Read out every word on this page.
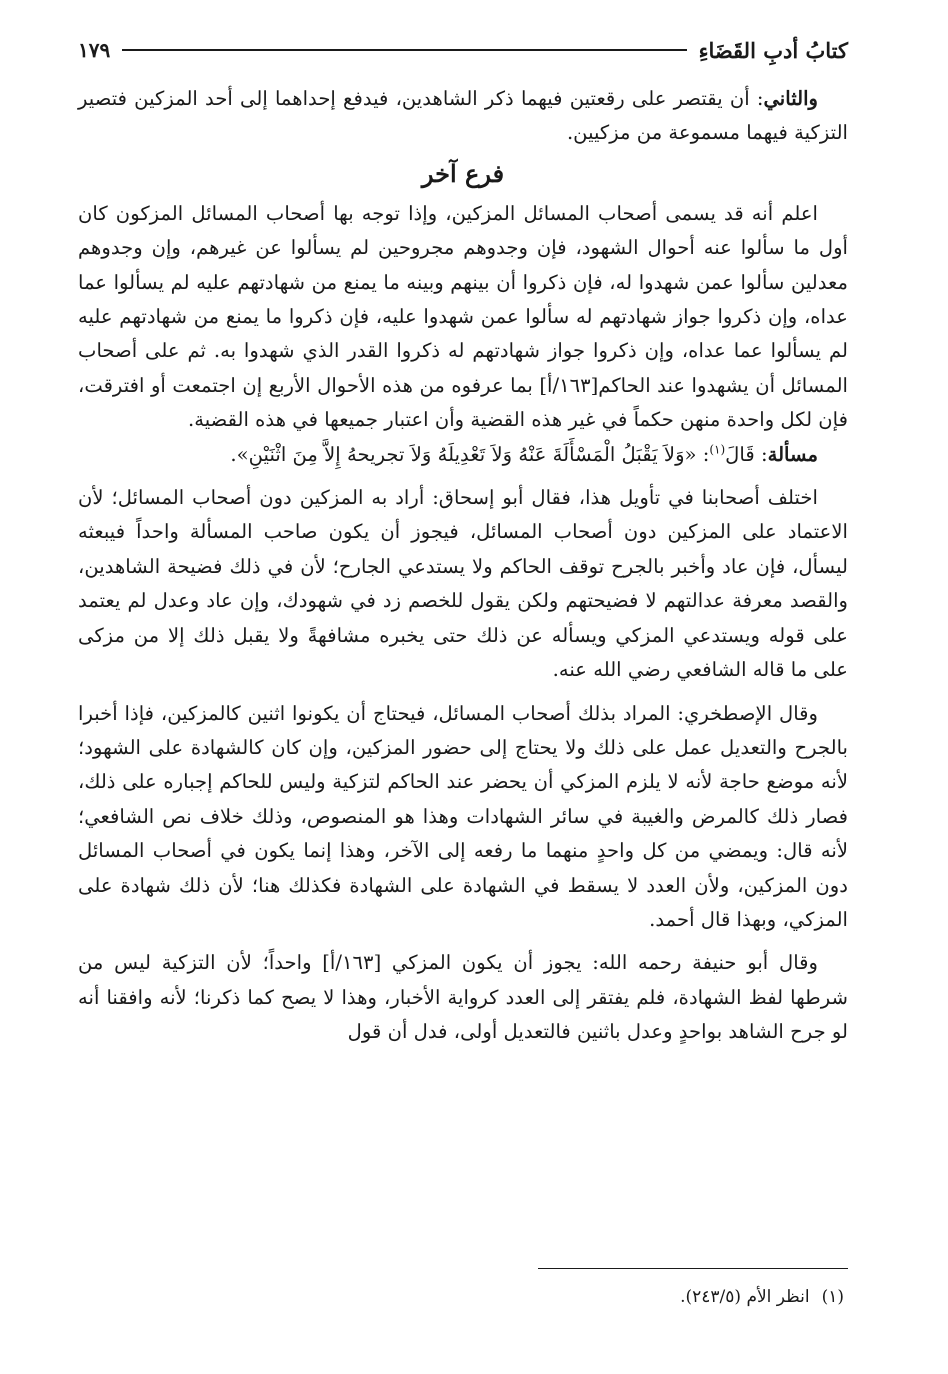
كتابُ أدبِ القَضَاءِ
١٧٩

والثاني: أن يقتصر على رقعتين فيهما ذكر الشاهدين، فيدفع إحداهما إلى أحد المزكين فتصير التزكية فيهما مسموعة من مزكيين.

فرع آخر

اعلم أنه قد يسمى أصحاب المسائل المزكين، وإذا توجه بها أصحاب المسائل المزكون كان أول ما سألوا عنه أحوال الشهود، فإن وجدوهم مجروحين لم يسألوا عن غيرهم، وإن وجدوهم معدلين سألوا عمن شهدوا له، فإن ذكروا أن بينهم وبينه ما يمنع من شهادتهم عليه لم يسألوا عما عداه، وإن ذكروا جواز شهادتهم له سألوا عمن شهدوا عليه، فإن ذكروا ما يمنع من شهادتهم عليه لم يسألوا عما عداه، وإن ذكروا جواز شهادتهم له ذكروا القدر الذي شهدوا به. ثم على أصحاب المسائل أن يشهدوا عند الحاكم[١٦٣/أ] بما عرفوه من هذه الأحوال الأربع إن اجتمعت أو افترقت، فإن لكل واحدة منهن حكماً في غير هذه القضية وأن اعتبار جميعها في هذه القضية.

مسألة: قَالَ$^{(١)}$: «وَلاَ يَقْبَلُ الْمَسْأَلَةَ عَنْهُ وَلاَ تَعْدِيلَهُ وَلاَ تجريحهُ إِلاَّ مِنَ اثْنَيْنِ».

اختلف أصحابنا في تأويل هذا، فقال أبو إسحاق: أراد به المزكين دون أصحاب المسائل؛ لأن الاعتماد على المزكين دون أصحاب المسائل، فيجوز أن يكون صاحب المسألة واحداً فيبعثه ليسأل، فإن عاد وأخبر بالجرح توقف الحاكم ولا يستدعي الجارح؛ لأن في ذلك فضيحة الشاهدين، والقصد معرفة عدالتهم لا فضيحتهم ولكن يقول للخصم زد في شهودك، وإن عاد وعدل لم يعتمد على قوله ويستدعي المزكي ويسأله عن ذلك حتى يخبره مشافهةً ولا يقبل ذلك إلا من مزكى على ما قاله الشافعي رضي الله عنه.

وقال الإصطخري: المراد بذلك أصحاب المسائل، فيحتاج أن يكونوا اثنين كالمزكين، فإذا أخبرا بالجرح والتعديل عمل على ذلك ولا يحتاج إلى حضور المزكين، وإن كان كالشهادة على الشهود؛ لأنه موضع حاجة لأنه لا يلزم المزكي أن يحضر عند الحاكم لتزكية وليس للحاكم إجباره على ذلك، فصار ذلك كالمرض والغيبة في سائر الشهادات وهذا هو المنصوص، وذلك خلاف نص الشافعي؛ لأنه قال: ويمضي من كل واحدٍ منهما ما رفعه إلى الآخر، وهذا إنما يكون في أصحاب المسائل دون المزكين، ولأن العدد لا يسقط في الشهادة على الشهادة فكذلك هنا؛ لأن ذلك شهادة على المزكي، وبهذا قال أحمد.

وقال أبو حنيفة رحمه الله: يجوز أن يكون المزكي [١٦٣/أ] واحداً؛ لأن التزكية ليس من شرطها لفظ الشهادة، فلم يفتقر إلى العدد كرواية الأخبار، وهذا لا يصح كما ذكرنا؛ لأنه وافقنا أنه لو جرح الشاهد بواحدٍ وعدل باثنين فالتعديل أولى، فدل أن قول

(١)انظر الأم (٢٤٣/٥).
